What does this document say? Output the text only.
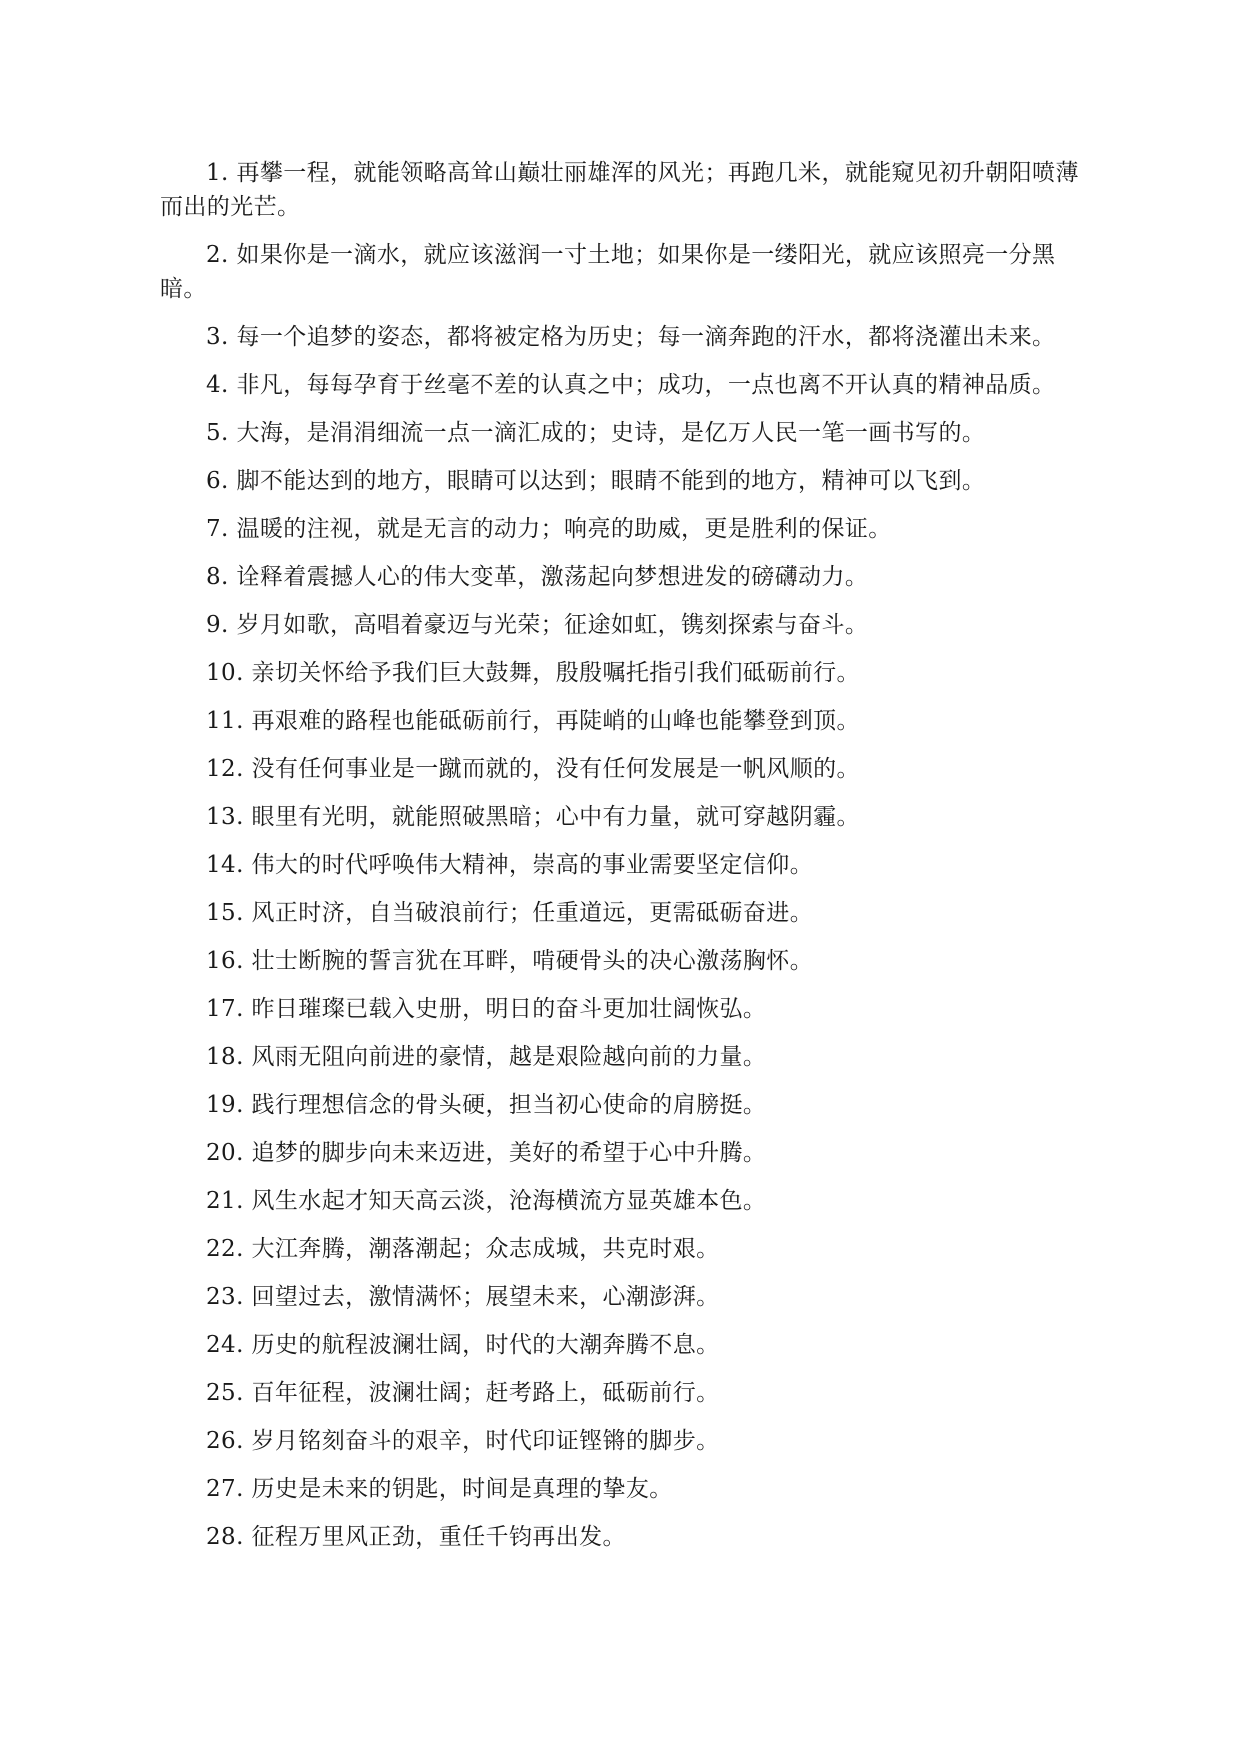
1. 再攀一程，就能领略高耸山巅壮丽雄浑的风光；再跑几米，就能窥见初升朝阳喷薄而出的光芒。

2. 如果你是一滴水，就应该滋润一寸土地；如果你是一缕阳光，就应该照亮一分黑暗。

3. 每一个追梦的姿态，都将被定格为历史；每一滴奔跑的汗水，都将浇灌出未来。

4. 非凡，每每孕育于丝毫不差的认真之中；成功，一点也离不开认真的精神品质。

5. 大海，是涓涓细流一点一滴汇成的；史诗，是亿万人民一笔一画书写的。

6. 脚不能达到的地方，眼睛可以达到；眼睛不能到的地方，精神可以飞到。

7. 温暖的注视，就是无言的动力；响亮的助威，更是胜利的保证。

8. 诠释着震撼人心的伟大变革，激荡起向梦想进发的磅礴动力。

9. 岁月如歌，高唱着豪迈与光荣；征途如虹，镌刻探索与奋斗。

10. 亲切关怀给予我们巨大鼓舞，殷殷嘱托指引我们砥砺前行。

11. 再艰难的路程也能砥砺前行，再陡峭的山峰也能攀登到顶。

12. 没有任何事业是一蹴而就的，没有任何发展是一帆风顺的。

13. 眼里有光明，就能照破黑暗；心中有力量，就可穿越阴霾。

14. 伟大的时代呼唤伟大精神，崇高的事业需要坚定信仰。

15. 风正时济，自当破浪前行；任重道远，更需砥砺奋进。

16. 壮士断腕的誓言犹在耳畔，啃硬骨头的决心激荡胸怀。

17. 昨日璀璨已载入史册，明日的奋斗更加壮阔恢弘。

18. 风雨无阻向前进的豪情，越是艰险越向前的力量。

19. 践行理想信念的骨头硬，担当初心使命的肩膀挺。

20. 追梦的脚步向未来迈进，美好的希望于心中升腾。

21. 风生水起才知天高云淡，沧海横流方显英雄本色。

22. 大江奔腾，潮落潮起；众志成城，共克时艰。

23. 回望过去，激情满怀；展望未来，心潮澎湃。

24. 历史的航程波澜壮阔，时代的大潮奔腾不息。

25. 百年征程，波澜壮阔；赶考路上，砥砺前行。

26. 岁月铭刻奋斗的艰辛，时代印证铿锵的脚步。

27. 历史是未来的钥匙，时间是真理的挚友。

28. 征程万里风正劲，重任千钧再出发。
